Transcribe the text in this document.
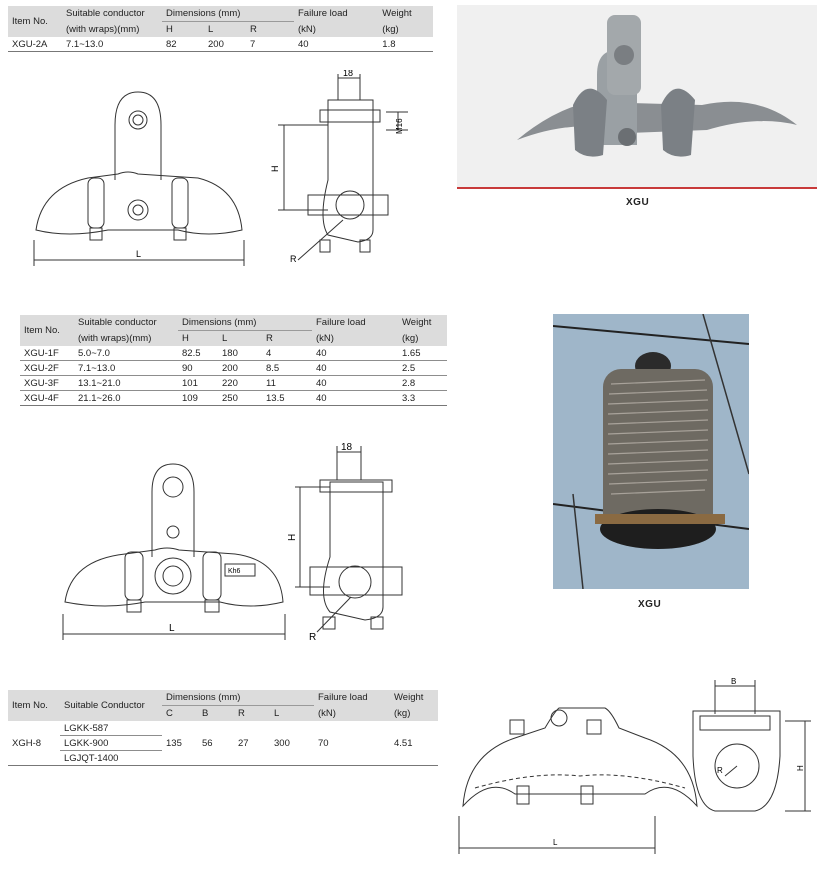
Item No.	Suitable conductor	Dimensions (mm)			Failure load	Weight
	(with wraps)(mm)	H	L	R	(kN)	(kg)
XGU-2A	7.1~13.0	82	200	7	40	1.8
L
18
M16
H
R
XGU
Item No.	Suitable conductor	Dimensions (mm)			Failure load	Weight
	(with wraps)(mm)	H	L	R	(kN)	(kg)
XGU-1F	5.0~7.0	82.5	180	4	40	1.65
XGU-2F	7.1~13.0	90	200	8.5	40	2.5
XGU-3F	13.1~21.0	101	220	11	40	2.8
XGU-4F	21.1~26.0	109	250	13.5	40	3.3
Kh6
L
18
H
R
XGU
Item No.	Suitable Conductor	Dimensions (mm)				Failure load	Weight
		C	B	R	L	(kN)	(kg)
XGH-8	LGKK-587	135	56	27	300	70	4.51
	LGKK-900						
	LGJQT-1400						
L
B
H
R
